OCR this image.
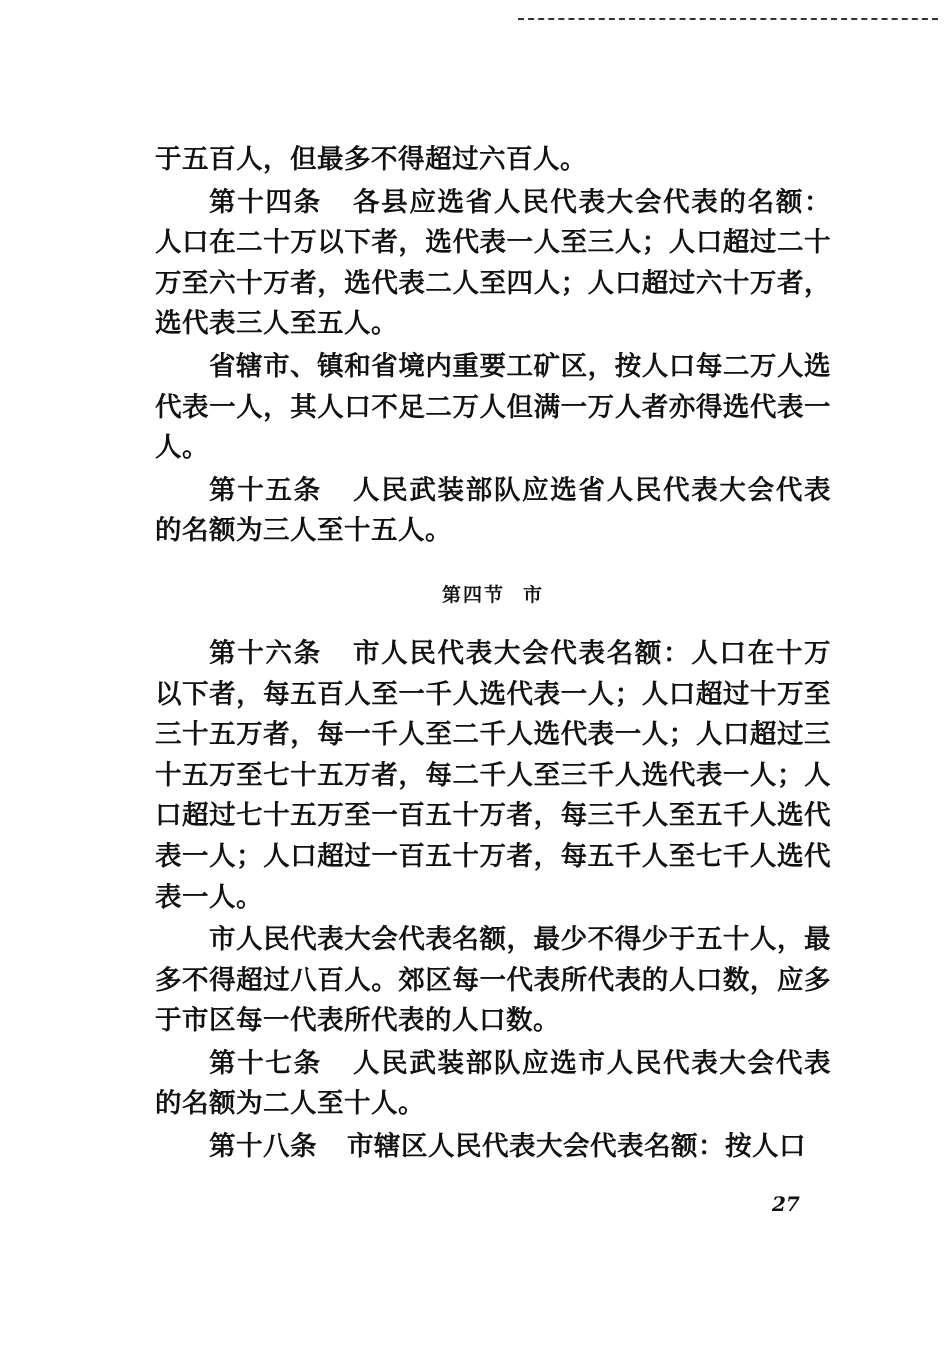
于五百人，但最多不得超过六百人。

第十四条 各县应选省人民代表大会代表的名额：人口在二十万以下者，选代表一人至三人；人口超过二十万至六十万者，选代表二人至四人；人口超过六十万者，选代表三人至五人。

省辖市、镇和省境内重要工矿区，按人口每二万人选代表一人，其人口不足二万人但满一万人者亦得选代表一人。

第十五条 人民武装部队应选省人民代表大会代表的名额为三人至十五人。

第四节 市

第十六条 市人民代表大会代表名额：人口在十万以下者，每五百人至一千人选代表一人；人口超过十万至三十五万者，每一千人至二千人选代表一人；人口超过三十五万至七十五万者，每二千人至三千人选代表一人；人口超过七十五万至一百五十万者，每三千人至五千人选代表一人；人口超过一百五十万者，每五千人至七千人选代表一人。

市人民代表大会代表名额，最少不得少于五十人，最多不得超过八百人。郊区每一代表所代表的人口数，应多于市区每一代表所代表的人口数。

第十七条 人民武装部队应选市人民代表大会代表的名额为二人至十人。

第十八条 市辖区人民代表大会代表名额：按人口

27
